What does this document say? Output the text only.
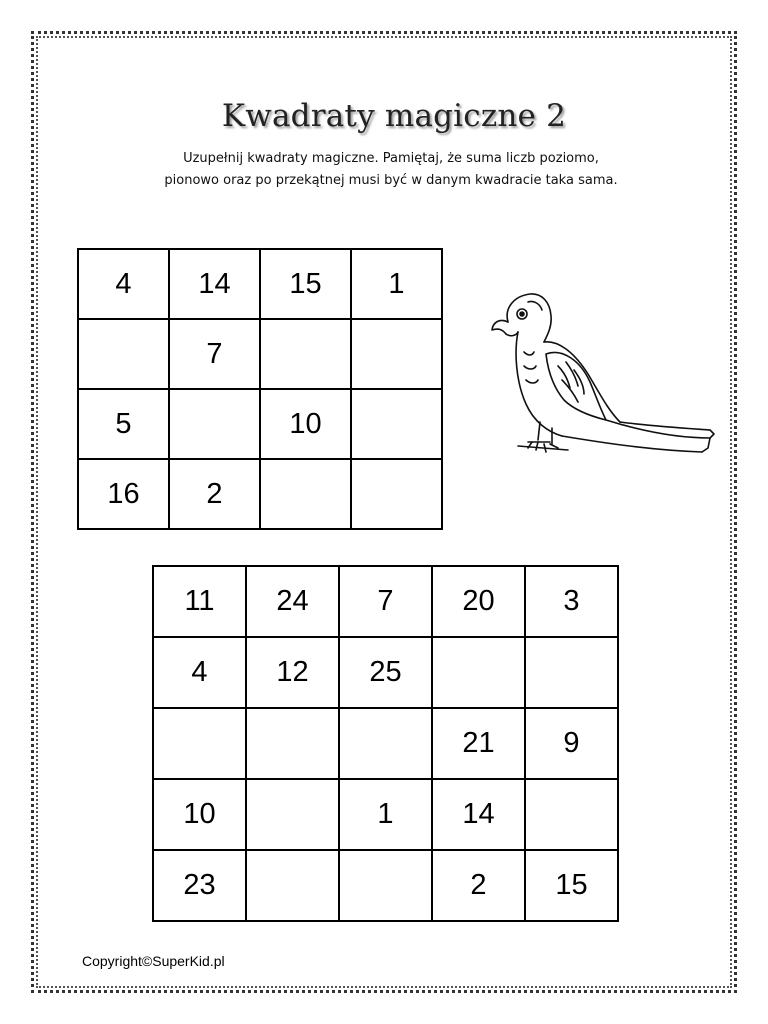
Kwadraty magiczne 2
Uzupełnij kwadraty magiczne. Pamiętaj, że suma liczb poziomo,
pionowo oraz po przekątnej musi być w danym kwadracie taka sama.
4	14	15	1
	7		
5		10	
16	2		
11	24	7	20	3
4	12	25		
			21	9
10		1	14	
23			2	15
Copyright©SuperKid.pl
